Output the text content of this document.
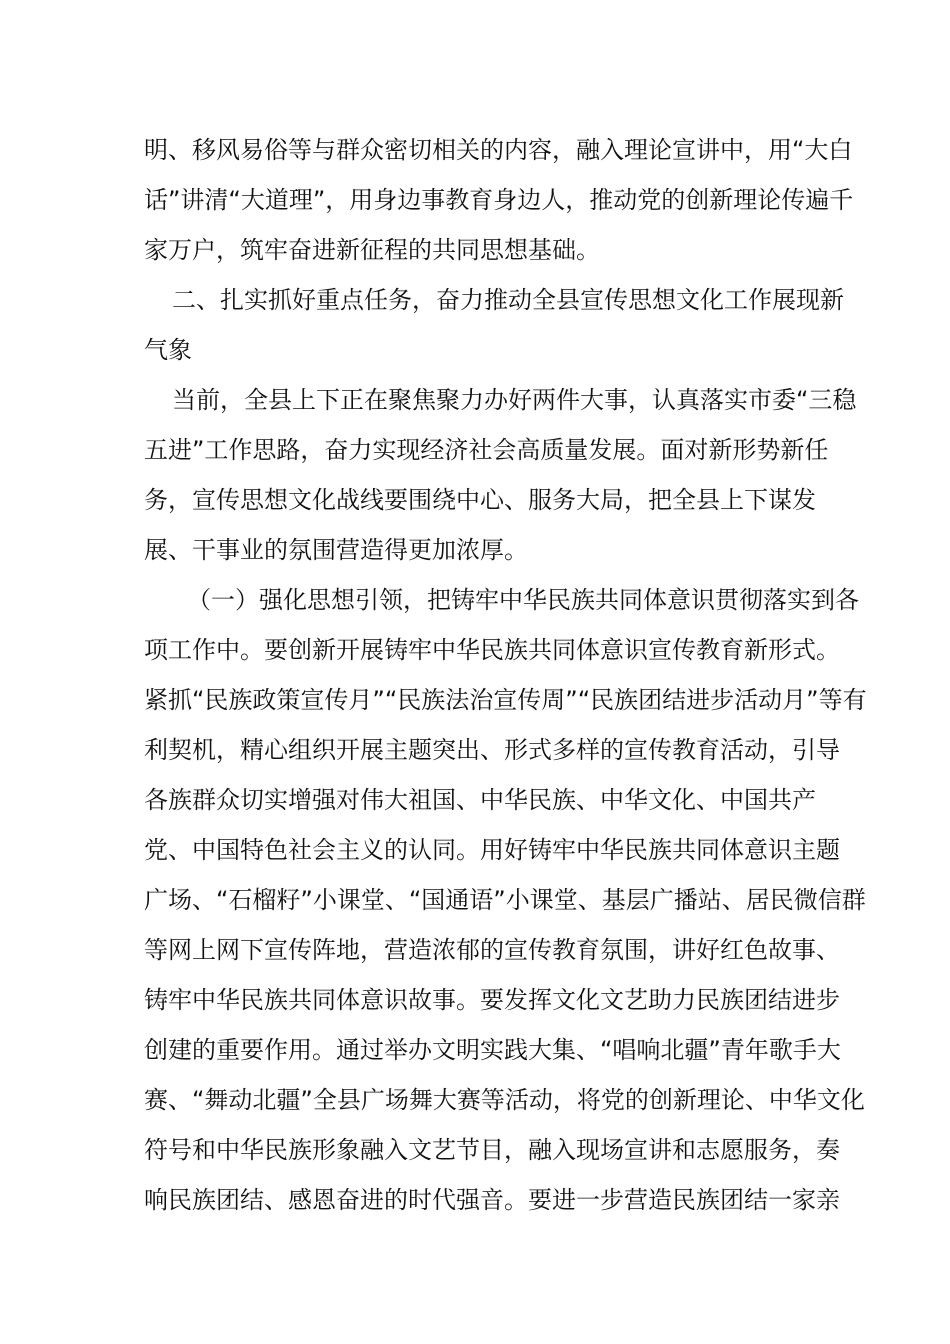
明、移风易俗等与群众密切相关的内容，融入理论宣讲中，用“大白
话”讲清“大道理”，用身边事教育身边人，推动党的创新理论传遍千
家万户，筑牢奋进新征程的共同思想基础。
二、扎实抓好重点任务，奋力推动全县宣传思想文化工作展现新
气象
当前，全县上下正在聚焦聚力办好两件大事，认真落实市委“三稳
五进”工作思路，奋力实现经济社会高质量发展。面对新形势新任
务，宣传思想文化战线要围绕中心、服务大局，把全县上下谋发
展、干事业的氛围营造得更加浓厚。
（一）强化思想引领，把铸牢中华民族共同体意识贯彻落实到各
项工作中。要创新开展铸牢中华民族共同体意识宣传教育新形式。
紧抓“民族政策宣传月”“民族法治宣传周”“民族团结进步活动月”等有
利契机，精心组织开展主题突出、形式多样的宣传教育活动，引导
各族群众切实增强对伟大祖国、中华民族、中华文化、中国共产
党、中国特色社会主义的认同。用好铸牢中华民族共同体意识主题
广场、“石榴籽”小课堂、“国通语”小课堂、基层广播站、居民微信群
等网上网下宣传阵地，营造浓郁的宣传教育氛围，讲好红色故事、
铸牢中华民族共同体意识故事。要发挥文化文艺助力民族团结进步
创建的重要作用。通过举办文明实践大集、“唱响北疆”青年歌手大
赛、“舞动北疆”全县广场舞大赛等活动，将党的创新理论、中华文化
符号和中华民族形象融入文艺节目，融入现场宣讲和志愿服务，奏
响民族团结、感恩奋进的时代强音。要进一步营造民族团结一家亲
